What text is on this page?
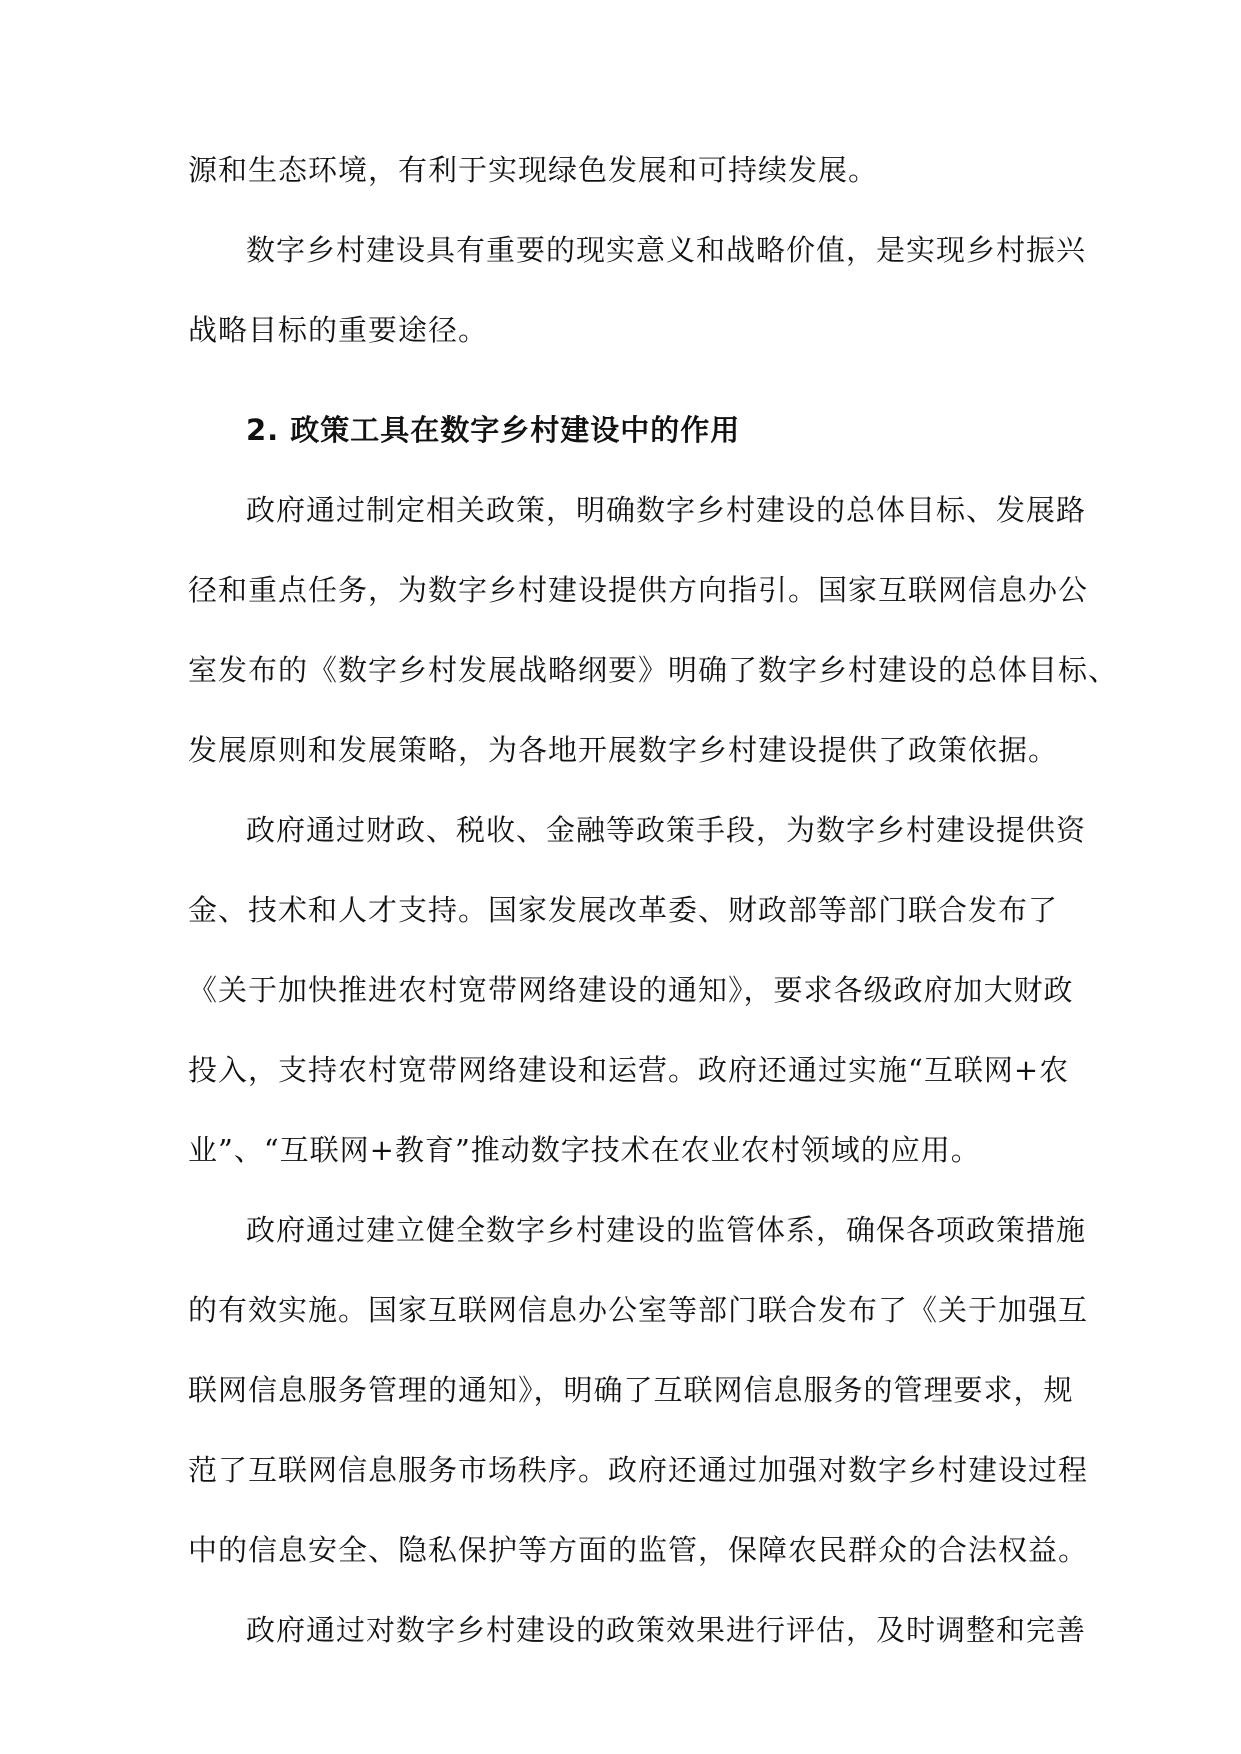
源和生态环境，有利于实现绿色发展和可持续发展。
数字乡村建设具有重要的现实意义和战略价值，是实现乡村振兴
战略目标的重要途径。
2. 政策工具在数字乡村建设中的作用
政府通过制定相关政策，明确数字乡村建设的总体目标、发展路
径和重点任务，为数字乡村建设提供方向指引。国家互联网信息办公
室发布的《数字乡村发展战略纲要》明确了数字乡村建设的总体目标、
发展原则和发展策略，为各地开展数字乡村建设提供了政策依据。
政府通过财政、税收、金融等政策手段，为数字乡村建设提供资
金、技术和人才支持。国家发展改革委、财政部等部门联合发布了
《关于加快推进农村宽带网络建设的通知》，要求各级政府加大财政
投入，支持农村宽带网络建设和运营。政府还通过实施“互联网+农
业”、“互联网+教育”推动数字技术在农业农村领域的应用。
政府通过建立健全数字乡村建设的监管体系，确保各项政策措施
的有效实施。国家互联网信息办公室等部门联合发布了《关于加强互
联网信息服务管理的通知》，明确了互联网信息服务的管理要求，规
范了互联网信息服务市场秩序。政府还通过加强对数字乡村建设过程
中的信息安全、隐私保护等方面的监管，保障农民群众的合法权益。
政府通过对数字乡村建设的政策效果进行评估，及时调整和完善
